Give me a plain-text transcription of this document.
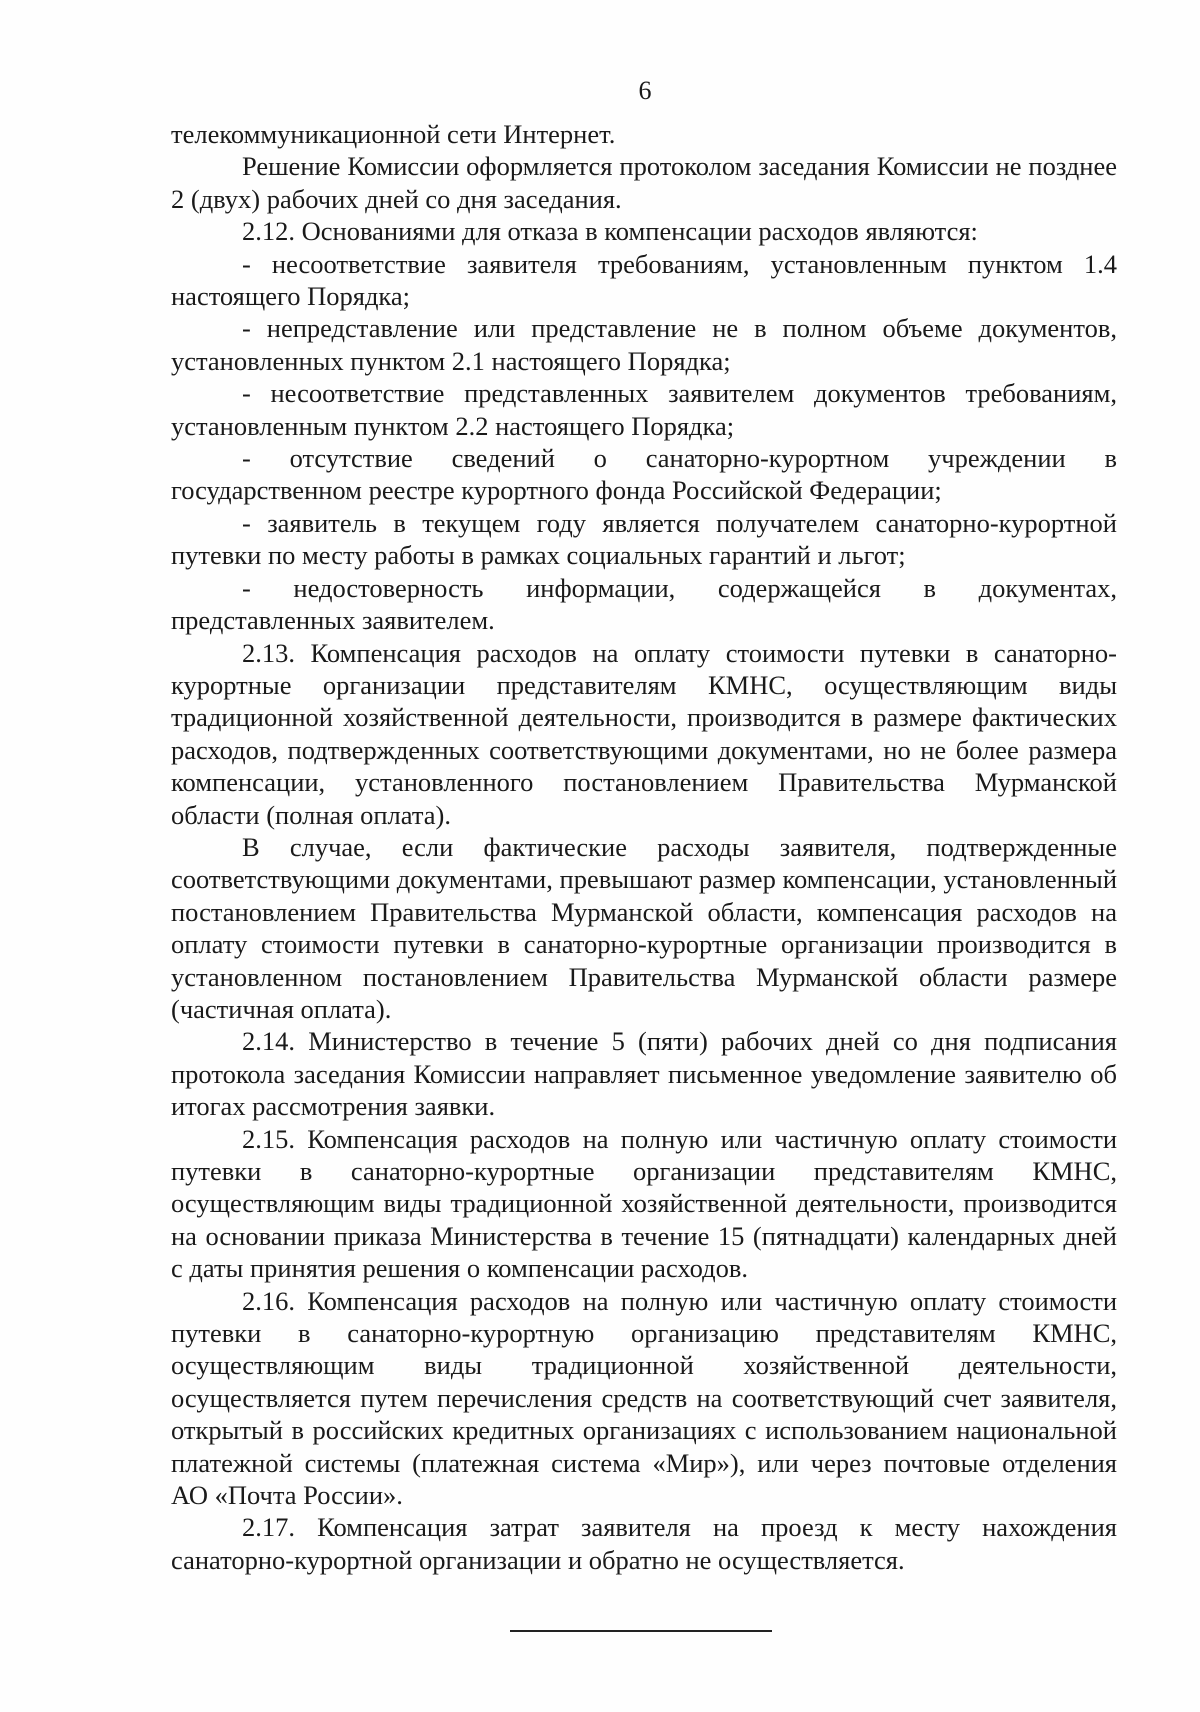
6

телекоммуникационной сети Интернет.

Решение Комиссии оформляется протоколом заседания Комиссии не позднее 2 (двух) рабочих дней со дня заседания.

2.12. Основаниями для отказа в компенсации расходов являются:

- несоответствие заявителя требованиям, установленным пунктом 1.4 настоящего Порядка;

- непредставление или представление не в полном объеме документов, установленных пунктом 2.1 настоящего Порядка;

- несоответствие представленных заявителем документов требованиям, установленным пунктом 2.2 настоящего Порядка;

- отсутствие сведений о санаторно-курортном учреждении в государственном реестре курортного фонда Российской Федерации;

- заявитель в текущем году является получателем санаторно-курортной путевки по месту работы в рамках социальных гарантий и льгот;

- недостоверность информации, содержащейся в документах, представленных заявителем.

2.13. Компенсация расходов на оплату стоимости путевки в санаторно-курортные организации представителям КМНС, осуществляющим виды традиционной хозяйственной деятельности, производится в размере фактических расходов, подтвержденных соответствующими документами, но не более размера компенсации, установленного постановлением Правительства Мурманской области (полная оплата).

В случае, если фактические расходы заявителя, подтвержденные соответствующими документами, превышают размер компенсации, установленный постановлением Правительства Мурманской области, компенсация расходов на оплату стоимости путевки в санаторно-курортные организации производится в установленном постановлением Правительства Мурманской области размере (частичная оплата).

2.14. Министерство в течение 5 (пяти) рабочих дней со дня подписания протокола заседания Комиссии направляет письменное уведомление заявителю об итогах рассмотрения заявки.

2.15. Компенсация расходов на полную или частичную оплату стоимости путевки в санаторно-курортные организации представителям КМНС, осуществляющим виды традиционной хозяйственной деятельности, производится на основании приказа Министерства в течение 15 (пятнадцати) календарных дней с даты принятия решения о компенсации расходов.

2.16. Компенсация расходов на полную или частичную оплату стоимости путевки в санаторно-курортную организацию представителям КМНС, осуществляющим виды традиционной хозяйственной деятельности, осуществляется путем перечисления средств на соответствующий счет заявителя, открытый в российских кредитных организациях с использованием национальной платежной системы (платежная система «Мир»), или через почтовые отделения АО «Почта России».

2.17. Компенсация затрат заявителя на проезд к месту нахождения санаторно-курортной организации и обратно не осуществляется.
